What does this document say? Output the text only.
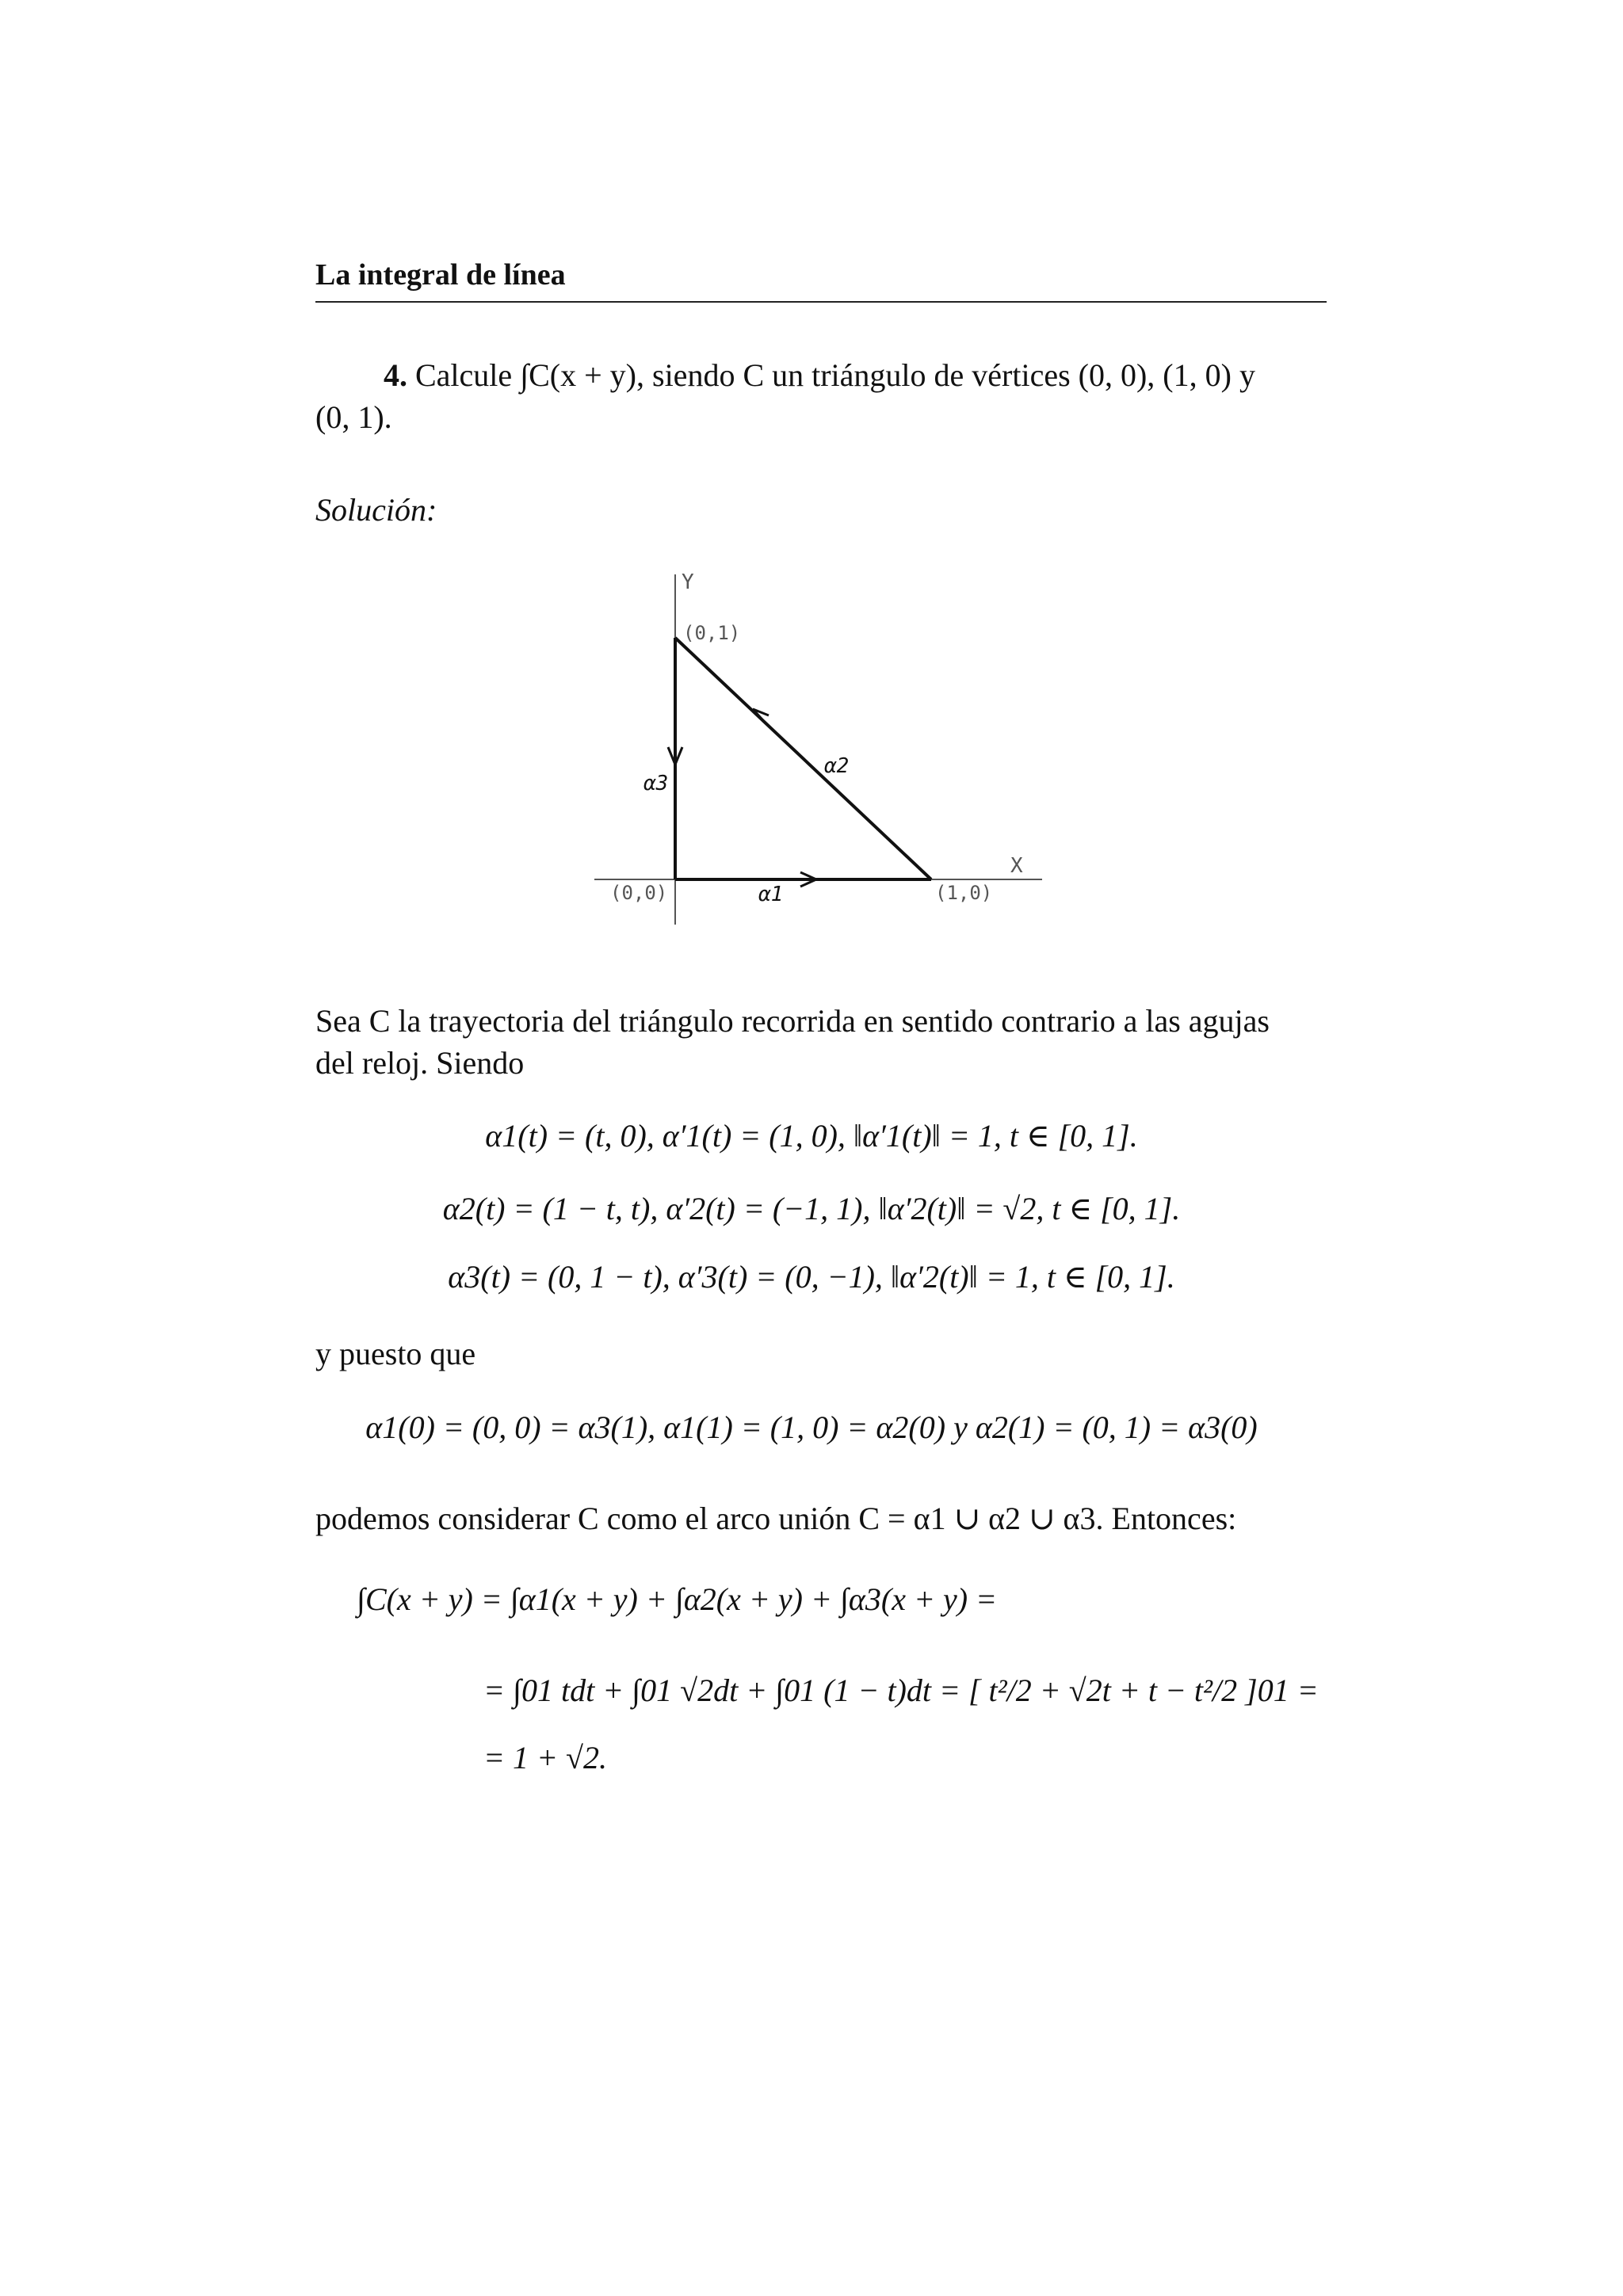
La integral de línea
4. Calcule ∫C(x + y), siendo C un triángulo de vértices (0, 0), (1, 0) y
(0, 1).
Solución:
Y
X
(0,1)
(0,0)	(1,0)
α1
α2
α3
Sea C la trayectoria del triángulo recorrida en sentido contrario a las agujas
del reloj. Siendo
α1(t) = (t, 0), α′1(t) = (1, 0), ‖α′1(t)‖ = 1, t ∈ [0, 1].
α2(t) = (1 − t, t), α′2(t) = (−1, 1), ‖α′2(t)‖ = √2, t ∈ [0, 1].
α3(t) = (0, 1 − t), α′3(t) = (0, −1), ‖α′2(t)‖ = 1, t ∈ [0, 1].
y puesto que
α1(0) = (0, 0) = α3(1), α1(1) = (1, 0) = α2(0) y α2(1) = (0, 1) = α3(0)
podemos considerar C como el arco unión C = α1 ∪ α2 ∪ α3. Entonces:
∫C(x + y) = ∫α1(x + y) + ∫α2(x + y) + ∫α3(x + y) =
= ∫01 tdt + ∫01 √2dt + ∫01 (1 − t)dt = [ t²/2 + √2t + t − t²/2 ]01 =
= 1 + √2.
